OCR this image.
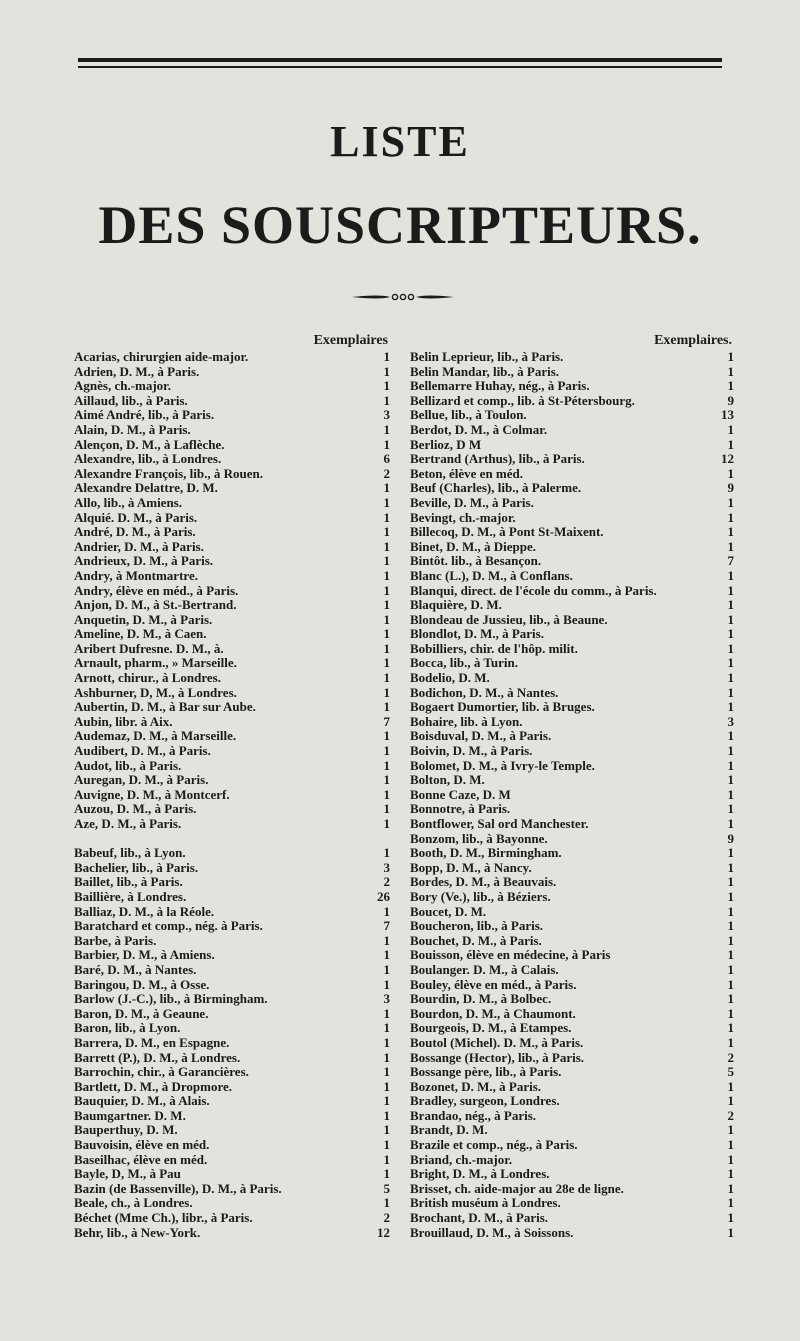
LISTE
DES SOUSCRIPTEURS.
Exemplaires
Acarias, chirurgien aide-major.	1
Adrien, D. M., à Paris.	1
Agnès, ch.-major.	1
Aillaud, lib., à Paris.	1
Aimé André, lib., à Paris.	3
Alain, D. M., à Paris.	1
Alençon, D. M., à Laflèche.	1
Alexandre, lib., à Londres.	6
Alexandre François, lib., à Rouen.	2
Alexandre Delattre, D. M.	1
Allo, lib., à Amiens.	1
Alquié. D. M., à Paris.	1
André, D. M., à Paris.	1
Andrier, D. M., à Paris.	1
Andrieux, D. M., à Paris.	1
Andry, à Montmartre.	1
Andry, élève en méd., à Paris.	1
Anjon, D. M., à St.-Bertrand.	1
Anquetin, D. M., à Paris.	1
Ameline, D. M., à Caen.	1
Aribert Dufresne. D. M., à.	1
Arnault, pharm., » Marseille.	1
Arnott, chirur., à Londres.	1
Ashburner, D, M., à Londres.	1
Aubertin, D. M., à Bar sur Aube.	1
Aubin, libr. à Aix.	7
Audemaz, D. M., à Marseille.	1
Audibert, D. M., à Paris.	1
Audot, lib., à Paris.	1
Auregan, D. M., à Paris.	1
Auvigne, D. M., à Montcerf.	1
Auzou, D. M., à Paris.	1
Aze, D. M., à Paris.	1
Babeuf, lib., à Lyon.	1
Bachelier, lib., à Paris.	3
Baillet, lib., à Paris.	2
Baillière, à Londres.	26
Balliaz, D. M., à la Réole.	1
Baratchard et comp., nég. à Paris.	7
Barbe, à Paris.	1
Barbier, D. M., à Amiens.	1
Baré, D. M., à Nantes.	1
Baringou, D. M., à Osse.	1
Barlow (J.-C.), lib., à Birmingham.	3
Baron, D. M., à Geaune.	1
Baron, lib., à Lyon.	1
Barrera, D. M., en Espagne.	1
Barrett (P.), D. M., à Londres.	1
Barrochin, chir., à Garancières.	1
Bartlett, D. M., à Dropmore.	1
Bauquier, D. M., à Alais.	1
Baumgartner. D. M.	1
Bauperthuy, D. M.	1
Bauvoisin, élève en méd.	1
Baseilhac, élève en méd.	1
Bayle, D, M., à Pau	1
Bazin (de Bassenville), D. M., à Paris.	5
Beale, ch., à Londres.	1
Béchet (Mme Ch.), libr., à Paris.	2
Behr, lib., à New-York.	12
Exemplaires.
Belin Leprieur, lib., à Paris.	1
Belin Mandar, lib., à Paris.	1
Bellemarre Huhay, nég., à Paris.	1
Bellizard et comp., lib. à St-Pétersbourg.	9
Bellue, lib., à Toulon.	13
Berdot, D. M., à Colmar.	1
Berlioz, D M	1
Bertrand (Arthus), lib., à Paris.	12
Beton, élève en méd.	1
Beuf (Charles), lib., à Palerme.	9
Beville, D. M., à Paris.	1
Bevingt, ch.-major.	1
Billecoq, D. M., à Pont St-Maixent.	1
Binet, D. M., à Dieppe.	1
Bintôt. lib., à Besançon.	7
Blanc (L.), D. M., à Conflans.	1
Blanqui, direct. de l'école du comm., à Paris.	1
Blaquière, D. M.	1
Blondeau de Jussieu, lib., à Beaune.	1
Blondlot, D. M., à Paris.	1
Bobilliers, chir. de l'hôp. milit.	1
Bocca, lib., à Turin.	1
Bodelio, D. M.	1
Bodichon, D. M., à Nantes.	1
Bogaert Dumortier, lib. à Bruges.	1
Bohaire, lib. à Lyon.	3
Boisduval, D. M., à Paris.	1
Boivin, D. M., à Paris.	1
Bolomet, D. M., à Ivry-le Temple.	1
Bolton, D. M.	1
Bonne Caze, D. M	1
Bonnotre, à Paris.	1
Bontflower, Sal ord Manchester.	1
Bonzom, lib., à Bayonne.	9
Booth, D. M., Birmingham.	1
Bopp, D. M., à Nancy.	1
Bordes, D. M., à Beauvais.	1
Bory (Ve.), lib., à Béziers.	1
Boucet, D. M.	1
Boucheron, lib., à Paris.	1
Bouchet, D. M., à Paris.	1
Bouisson, élève en médecine, à Paris	1
Boulanger. D. M., à Calais.	1
Bouley, élève en méd., à Paris.	1
Bourdin, D. M., à Bolbec.	1
Bourdon, D. M., à Chaumont.	1
Bourgeois, D. M., à Etampes.	1
Boutol (Michel). D. M., à Paris.	1
Bossange (Hector), lib., à Paris.	2
Bossange père, lib., à Paris.	5
Bozonet, D. M., à Paris.	1
Bradley, surgeon, Londres.	1
Brandao, nég., à Paris.	2
Brandt, D. M.	1
Brazile et comp., nég., à Paris.	1
Briand, ch.-major.	1
Bright, D. M., à Londres.	1
Brisset, ch. aide-major au 28e de ligne.	1
British muséum à Londres.	1
Brochant, D. M., à Paris.	1
Brouillaud, D. M., à Soissons.	1
